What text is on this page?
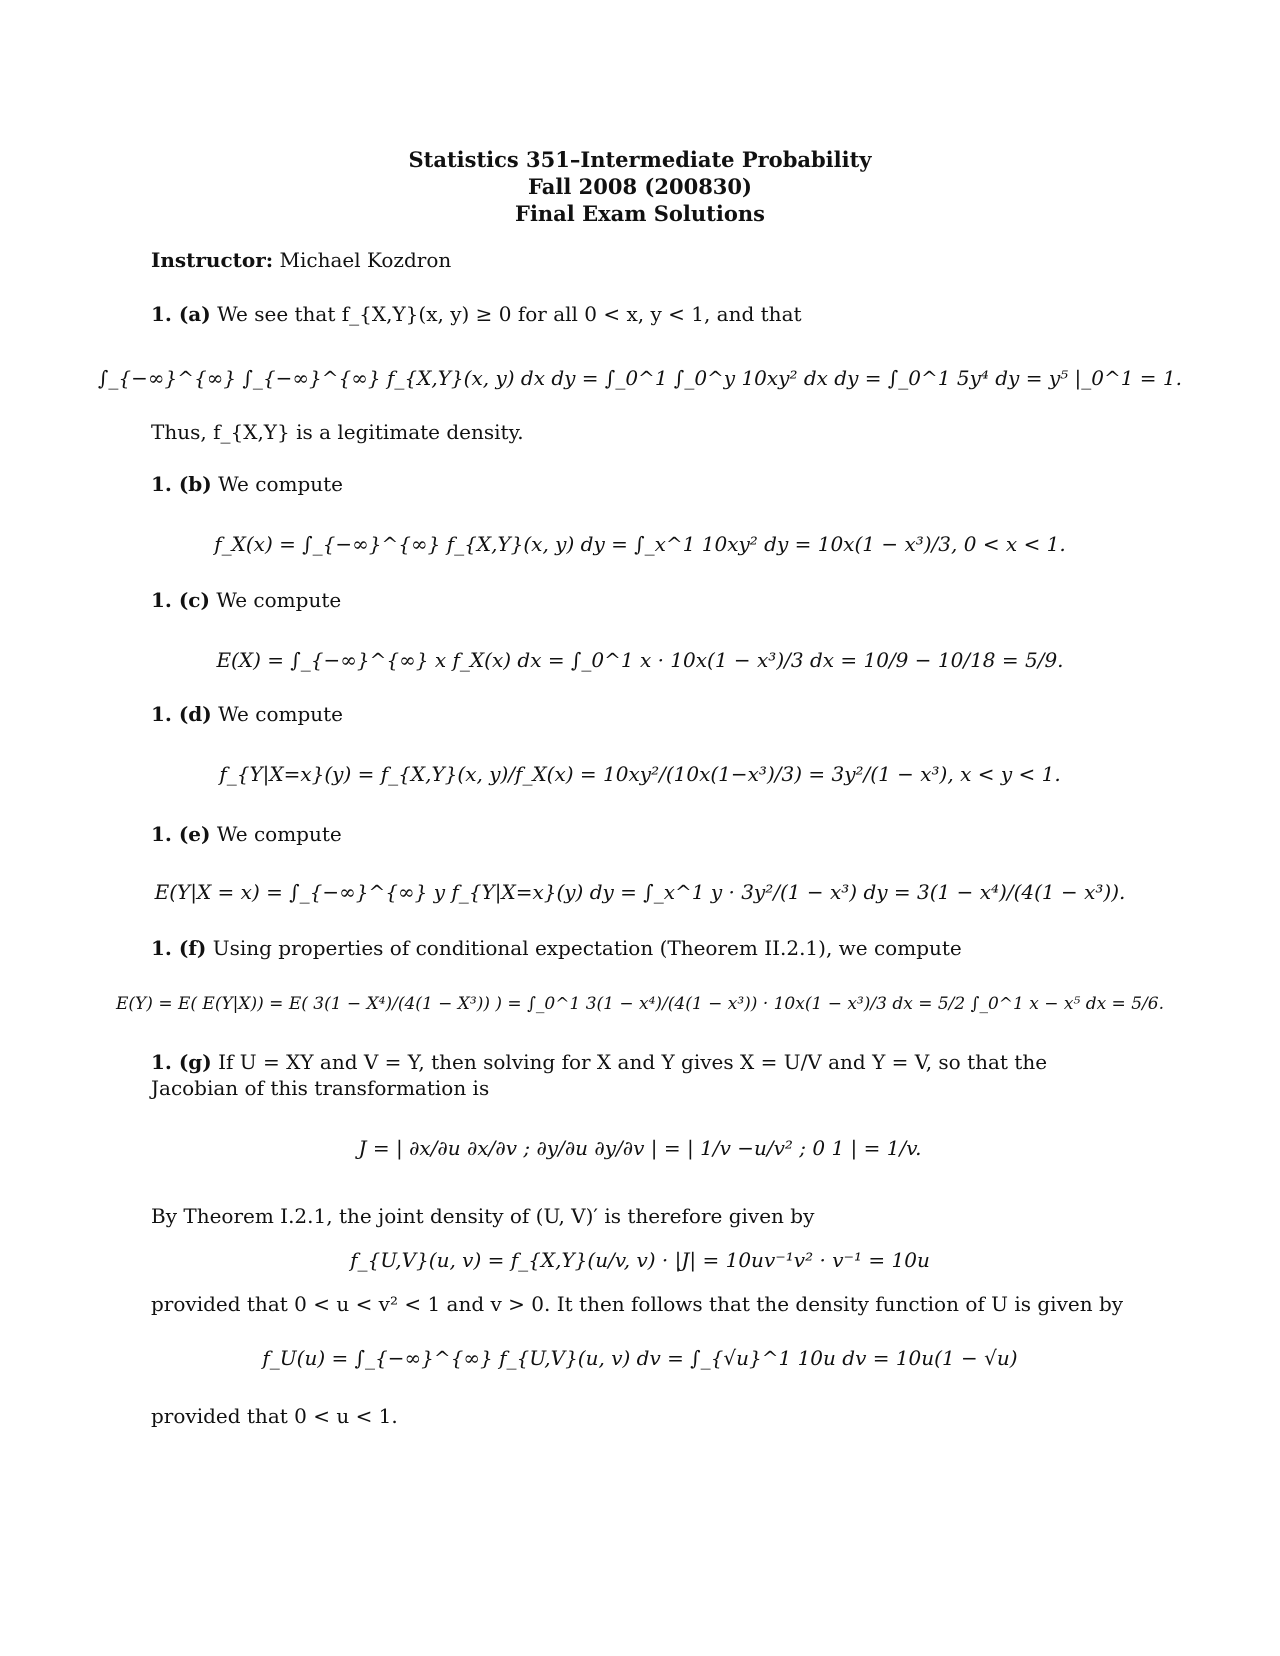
Statistics 351–Intermediate Probability
Fall 2008 (200830)
Final Exam Solutions
Instructor: Michael Kozdron
1. (a) We see that f_{X,Y}(x, y) ≥ 0 for all 0 < x, y < 1, and that
∫_{−∞}^{∞} ∫_{−∞}^{∞} f_{X,Y}(x, y) dx dy = ∫_0^1 ∫_0^y 10xy² dx dy = ∫_0^1 5y⁴ dy = y⁵ |_0^1 = 1.
Thus, f_{X,Y} is a legitimate density.
1. (b) We compute
f_X(x) = ∫_{−∞}^{∞} f_{X,Y}(x, y) dy = ∫_x^1 10xy² dy = 10x(1 − x³)/3, 0 < x < 1.
1. (c) We compute
E(X) = ∫_{−∞}^{∞} x f_X(x) dx = ∫_0^1 x · 10x(1 − x³)/3 dx = 10/9 − 10/18 = 5/9.
1. (d) We compute
f_{Y|X=x}(y) = f_{X,Y}(x, y)/f_X(x) = 10xy²/(10x(1−x³)/3) = 3y²/(1 − x³), x < y < 1.
1. (e) We compute
E(Y|X = x) = ∫_{−∞}^{∞} y f_{Y|X=x}(y) dy = ∫_x^1 y · 3y²/(1 − x³) dy = 3(1 − x⁴)/(4(1 − x³)).
1. (f) Using properties of conditional expectation (Theorem II.2.1), we compute
E(Y) = E( E(Y|X)) = E( 3(1 − X⁴)/(4(1 − X³)) ) = ∫_0^1 3(1 − x⁴)/(4(1 − x³)) · 10x(1 − x³)/3 dx = 5/2 ∫_0^1 x − x⁵ dx = 5/6.
1. (g) If U = XY and V = Y, then solving for X and Y gives X = U/V and Y = V, so that the
Jacobian of this transformation is
J = | ∂x/∂u ∂x/∂v ; ∂y/∂u ∂y/∂v | = | 1/v −u/v² ; 0 1 | = 1/v.
By Theorem I.2.1, the joint density of (U, V)′ is therefore given by
f_{U,V}(u, v) = f_{X,Y}(u/v, v) · |J| = 10uv⁻¹v² · v⁻¹ = 10u
provided that 0 < u < v² < 1 and v > 0. It then follows that the density function of U is given by
f_U(u) = ∫_{−∞}^{∞} f_{U,V}(u, v) dv = ∫_{√u}^1 10u dv = 10u(1 − √u)
provided that 0 < u < 1.
